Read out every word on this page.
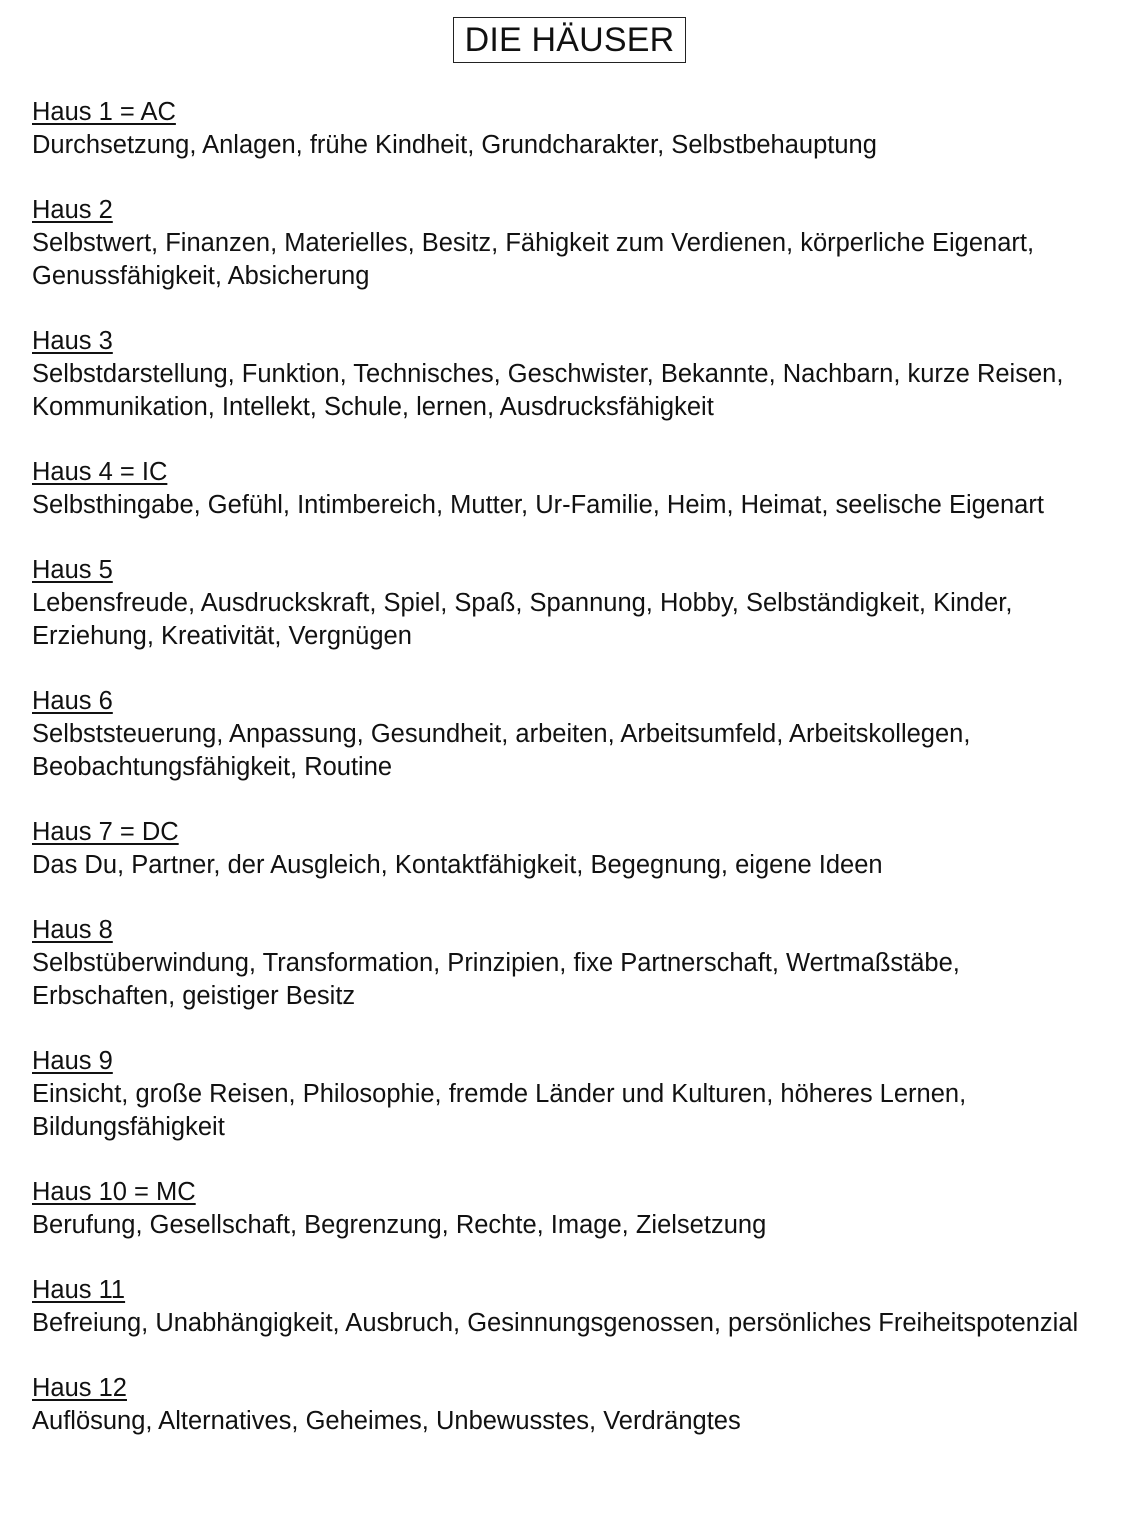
DIE HÄUSER
Haus 1 = AC
Durchsetzung, Anlagen, frühe Kindheit, Grundcharakter, Selbstbehauptung
Haus 2
Selbstwert, Finanzen, Materielles, Besitz, Fähigkeit zum Verdienen, körperliche Eigenart, Genussfähigkeit, Absicherung
Haus 3
Selbstdarstellung, Funktion, Technisches, Geschwister, Bekannte, Nachbarn, kurze Reisen, Kommunikation, Intellekt, Schule, lernen, Ausdrucksfähigkeit
Haus 4 = IC
Selbsthingabe, Gefühl, Intimbereich, Mutter, Ur-Familie, Heim, Heimat, seelische Eigenart
Haus 5
Lebensfreude, Ausdruckskraft, Spiel, Spaß, Spannung, Hobby, Selbständigkeit, Kinder, Erziehung, Kreativität, Vergnügen
Haus 6
Selbststeuerung, Anpassung, Gesundheit, arbeiten, Arbeitsumfeld, Arbeitskollegen, Beobachtungsfähigkeit, Routine
Haus 7 = DC
Das Du, Partner, der Ausgleich, Kontaktfähigkeit, Begegnung, eigene Ideen
Haus 8
Selbstüberwindung, Transformation, Prinzipien, fixe Partnerschaft, Wertmaßstäbe, Erbschaften, geistiger Besitz
Haus 9
Einsicht, große Reisen, Philosophie, fremde Länder und Kulturen, höheres Lernen, Bildungsfähigkeit
Haus 10 = MC
Berufung, Gesellschaft, Begrenzung, Rechte, Image, Zielsetzung
Haus 11
Befreiung, Unabhängigkeit, Ausbruch, Gesinnungsgenossen, persönliches Freiheitspotenzial
Haus 12
Auflösung, Alternatives, Geheimes, Unbewusstes, Verdrängtes
